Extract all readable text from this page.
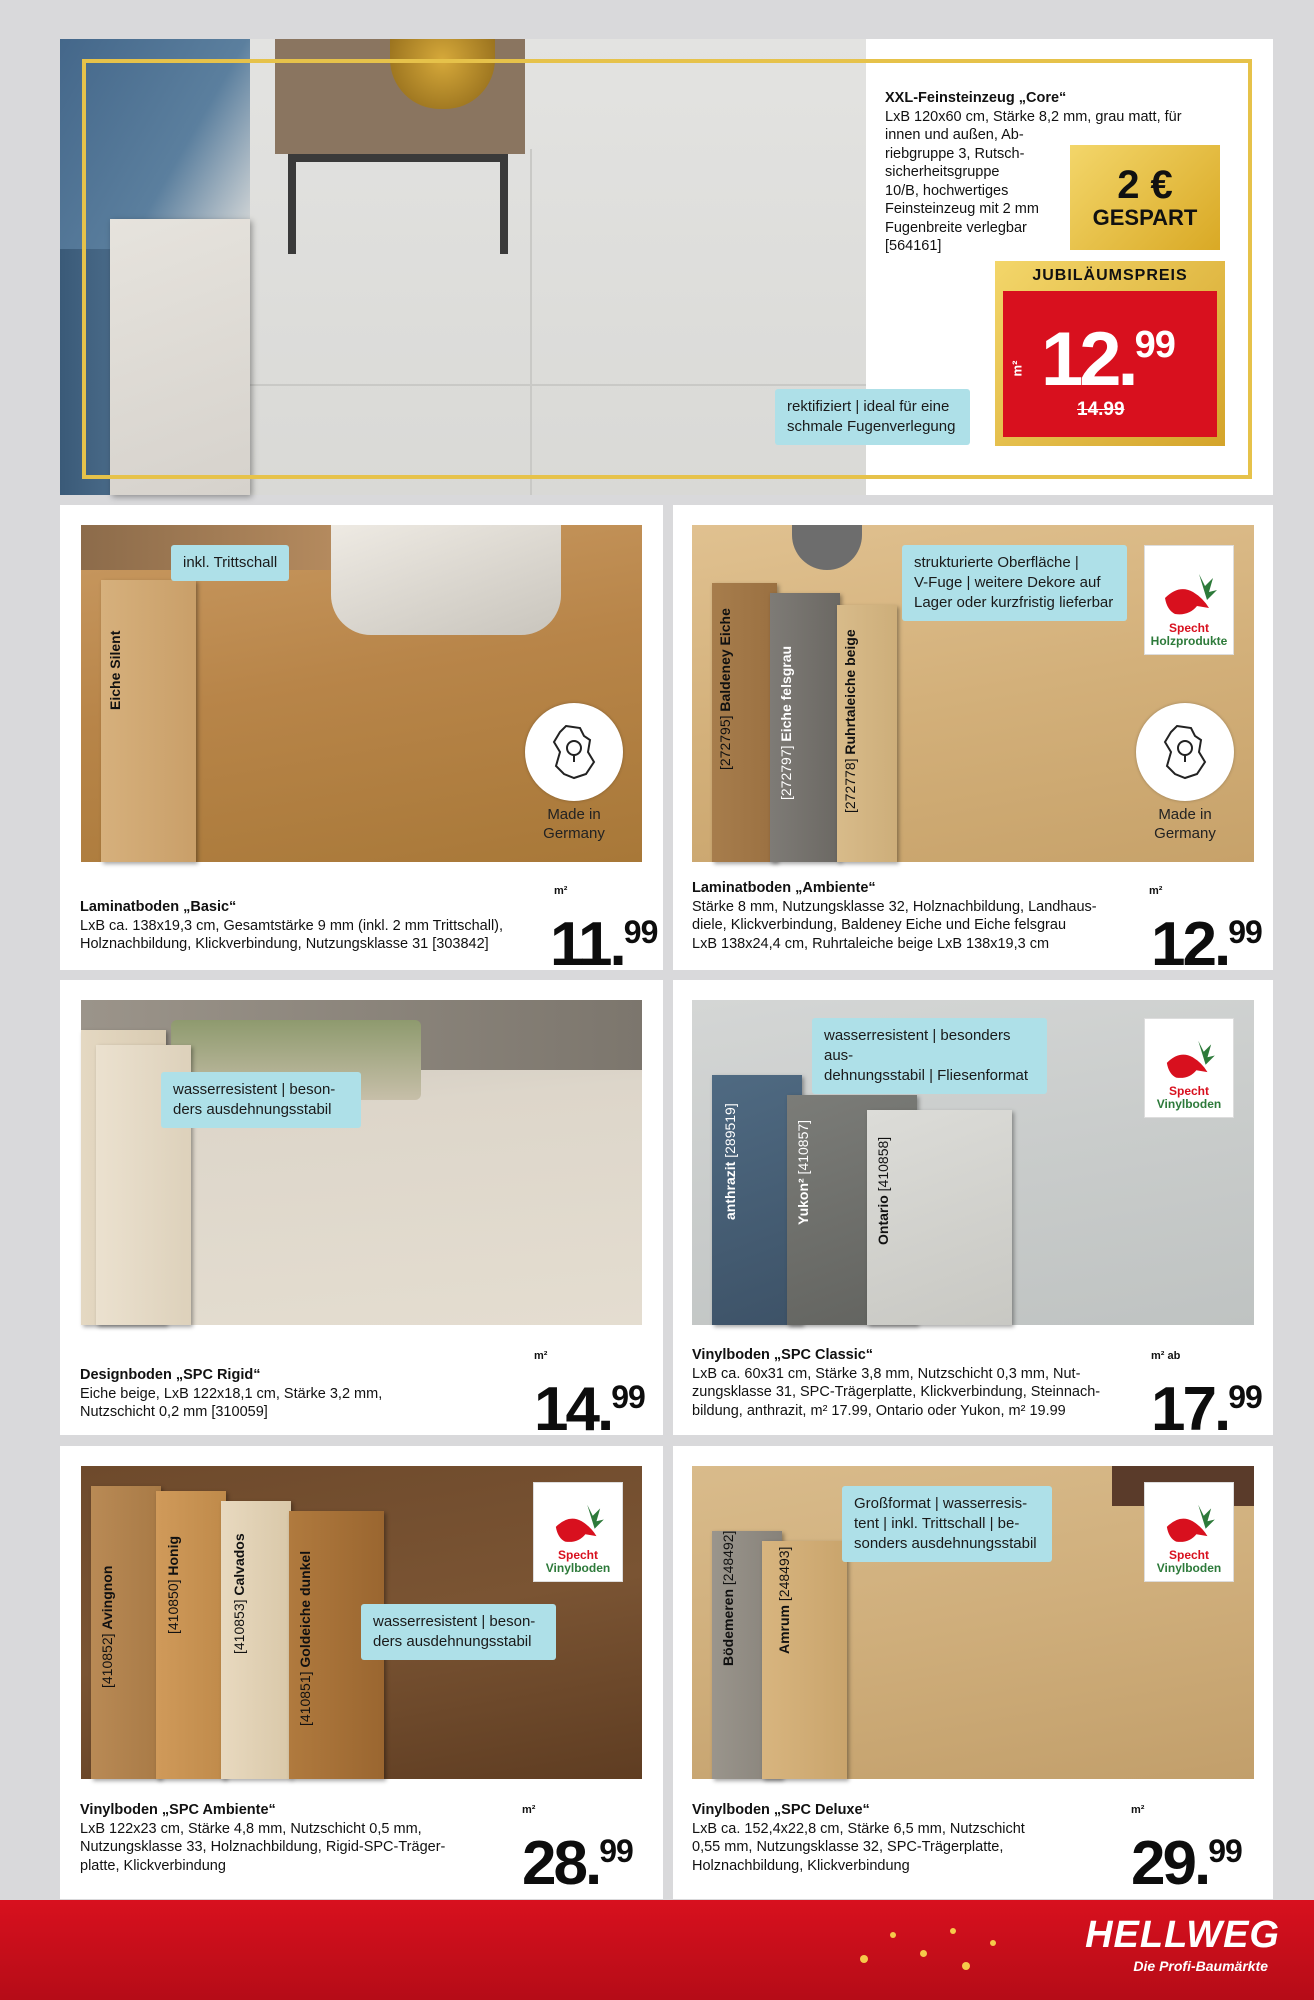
rektifiziert | ideal für eine
schmale Fugenverlegung
XXL-Feinsteinzeug „Core“
LxB 120x60 cm, Stärke 8,2 mm, grau matt, für
innen und außen, Ab-
riebgruppe 3, Rutsch-
sicherheitsgruppe
10/B, hochwertiges
Feinsteinzeug mit 2 mm
Fugenbreite verlegbar
[564161]
2 €
GESPART
JUBILÄUMSPREIS
m² 12.99
14.99
Eiche Silent
inkl. Trittschall
Made in
Germany
Laminatboden „Basic“
LxB ca. 138x19,3 cm, Gesamtstärke 9 mm (inkl. 2 mm Trittschall),
Holznachbildung, Klickverbindung, Nutzungsklasse 31 [303842]
m²
11.99
[272795] Baldeney Eiche
[272797] Eiche felsgrau
[272778] Ruhrtaleiche beige
strukturierte Oberfläche |
V-Fuge | weitere Dekore auf
Lager oder kurzfristig lieferbar
Specht
Holzprodukte
Made in
Germany
Laminatboden „Ambiente“
Stärke 8 mm, Nutzungsklasse 32, Holznachbildung, Landhaus-
diele, Klickverbindung, Baldeney Eiche und Eiche felsgrau
LxB 138x24,4 cm, Ruhrtaleiche beige LxB 138x19,3 cm
m²
12.99
wasserresistent | beson-
ders ausdehnungsstabil
Designboden „SPC Rigid“
Eiche beige, LxB 122x18,1 cm, Stärke 3,2 mm,
Nutzschicht 0,2 mm [310059]
m²
14.99
anthrazit [289519]
Yukon² [410857]
Ontario [410858]
wasserresistent | besonders aus-
dehnungsstabil | Fliesenformat
Specht
Vinylboden
Vinylboden „SPC Classic“
LxB ca. 60x31 cm, Stärke 3,8 mm, Nutzschicht 0,3 mm, Nut-
zungsklasse 31, SPC-Trägerplatte, Klickverbindung, Steinnach-
bildung, anthrazit, m² 17.99, Ontario oder Yukon, m² 19.99
m² ab
17.99
[410852] Avingnon	[410850] Honig
[410853] Calvados
[410851] Goldeiche dunkel	wasserresistent | beson-
ders ausdehnungsstabil
Specht
Vinylboden
Vinylboden „SPC Ambiente“
LxB 122x23 cm, Stärke 4,8 mm, Nutzschicht 0,5 mm,
Nutzungsklasse 33, Holznachbildung, Rigid-SPC-Träger-
platte, Klickverbindung
m²
28.99
Bödemeren [248492]
Amrum [248493]
Großformat | wasserresis-
tent | inkl. Trittschall | be-
sonders ausdehnungsstabil
Specht
Vinylboden
Vinylboden „SPC Deluxe“
LxB ca. 152,4x22,8 cm, Stärke 6,5 mm, Nutzschicht
0,55 mm, Nutzungsklasse 32, SPC-Trägerplatte,
Holznachbildung, Klickverbindung
m²
29.99
HELLWEG
Die Profi-Baumärkte
